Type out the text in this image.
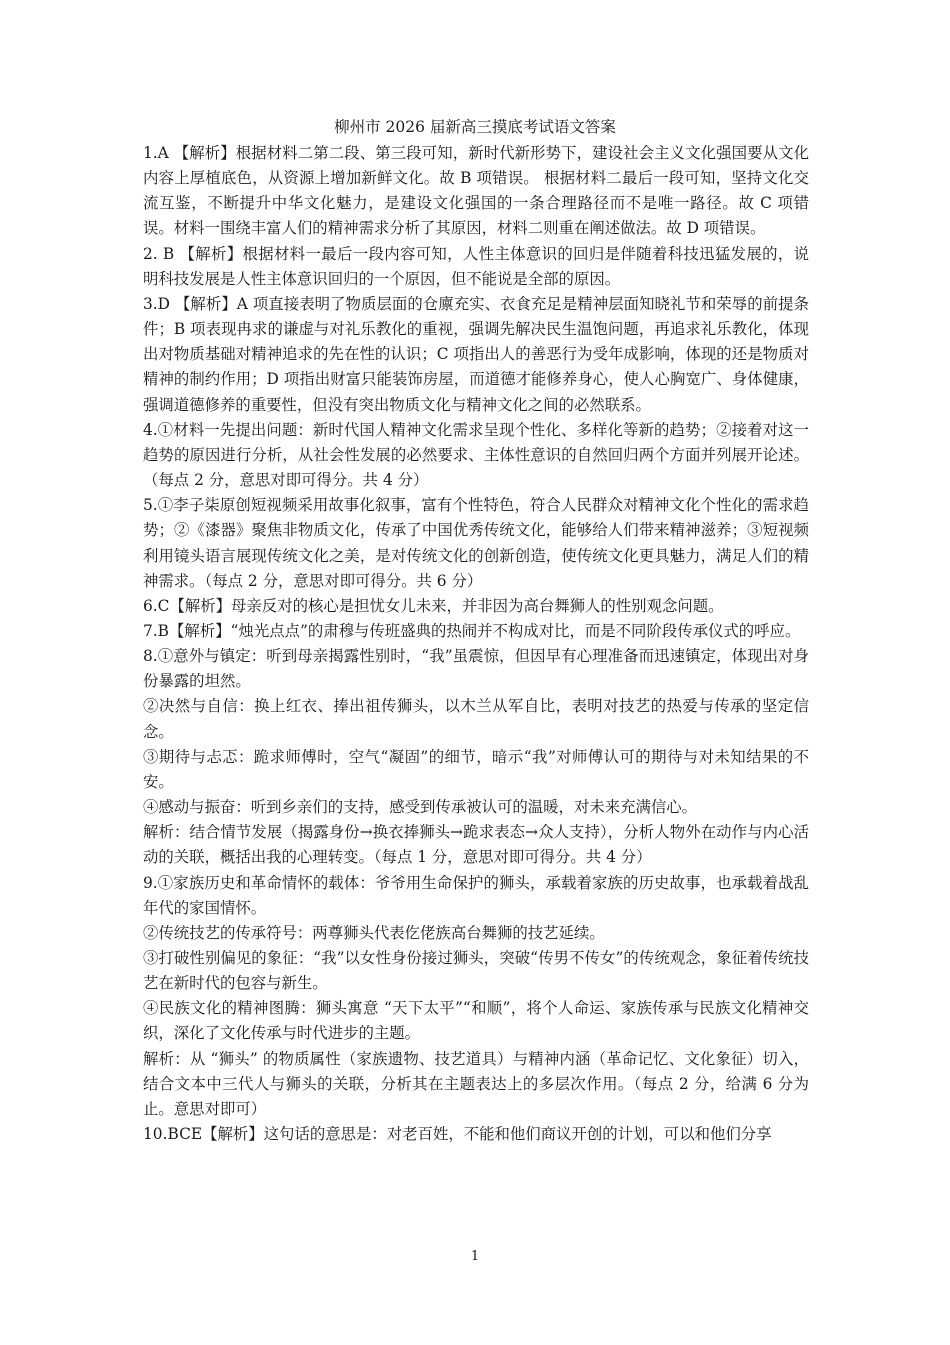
柳州市 2026 届新高三摸底考试语文答案

1.A 【解析】根据材料二第二段、第三段可知，新时代新形势下，建设社会主义文化强国要从文化内容上厚植底色，从资源上增加新鲜文化。故 B 项错误。 根据材料二最后一段可知，坚持文化交流互鉴，不断提升中华文化魅力，是建设文化强国的一条合理路径而不是唯一路径。故 C 项错误。材料一围绕丰富人们的精神需求分析了其原因，材料二则重在阐述做法。故 D 项错误。

2. B 【解析】根据材料一最后一段内容可知，人性主体意识的回归是伴随着科技迅猛发展的，说明科技发展是人性主体意识回归的一个原因，但不能说是全部的原因。

3.D 【解析】A 项直接表明了物质层面的仓廪充实、衣食充足是精神层面知晓礼节和荣辱的前提条件；B 项表现冉求的谦虚与对礼乐教化的重视，强调先解决民生温饱问题，再追求礼乐教化，体现出对物质基础对精神追求的先在性的认识；C 项指出人的善恶行为受年成影响，体现的还是物质对精神的制约作用；D 项指出财富只能装饰房屋，而道德才能修养身心，使人心胸宽广、身体健康，强调道德修养的重要性，但没有突出物质文化与精神文化之间的必然联系。

4.①材料一先提出问题：新时代国人精神文化需求呈现个性化、多样化等新的趋势；②接着对这一趋势的原因进行分析，从社会性发展的必然要求、主体性意识的自然回归两个方面并列展开论述。（每点 2 分，意思对即可得分。共 4 分）

5.①李子柒原创短视频采用故事化叙事，富有个性特色，符合人民群众对精神文化个性化的需求趋势；②《漆器》聚焦非物质文化，传承了中国优秀传统文化，能够给人们带来精神滋养；③短视频利用镜头语言展现传统文化之美，是对传统文化的创新创造，使传统文化更具魅力，满足人们的精神需求。（每点 2 分，意思对即可得分。共 6 分）

6.C【解析】母亲反对的核心是担忧女儿未来，并非因为高台舞狮人的性别观念问题。

7.B【解析】“烛光点点”的肃穆与传班盛典的热闹并不构成对比，而是不同阶段传承仪式的呼应。

8.①意外与镇定：听到母亲揭露性别时，“我”虽震惊，但因早有心理准备而迅速镇定，体现出对身份暴露的坦然。

②决然与自信：换上红衣、捧出祖传狮头，以木兰从军自比，表明对技艺的热爱与传承的坚定信念。

③期待与忐忑：跪求师傅时，空气“凝固”的细节，暗示“我”对师傅认可的期待与对未知结果的不安。

④感动与振奋：听到乡亲们的支持，感受到传承被认可的温暖，对未来充满信心。

解析：结合情节发展（揭露身份→换衣捧狮头→跪求表态→众人支持），分析人物外在动作与内心活动的关联，概括出我的心理转变。（每点 1 分，意思对即可得分。共 4 分）

9.①家族历史和革命情怀的载体：爷爷用生命保护的狮头，承载着家族的历史故事，也承载着战乱年代的家国情怀。

②传统技艺的传承符号：两尊狮头代表仡佬族高台舞狮的技艺延续。

③打破性别偏见的象征：“我”以女性身份接过狮头，突破“传男不传女”的传统观念，象征着传统技艺在新时代的包容与新生。

④民族文化的精神图腾：狮头寓意 “天下太平”“和顺”，将个人命运、家族传承与民族文化精神交织，深化了文化传承与时代进步的主题。

解析：从 “狮头” 的物质属性（家族遗物、技艺道具）与精神内涵（革命记忆、文化象征）切入，结合文本中三代人与狮头的关联，分析其在主题表达上的多层次作用。（每点 2 分，给满 6 分为止。意思对即可）

10.BCE【解析】这句话的意思是：对老百姓，不能和他们商议开创的计划，可以和他们分享

1
